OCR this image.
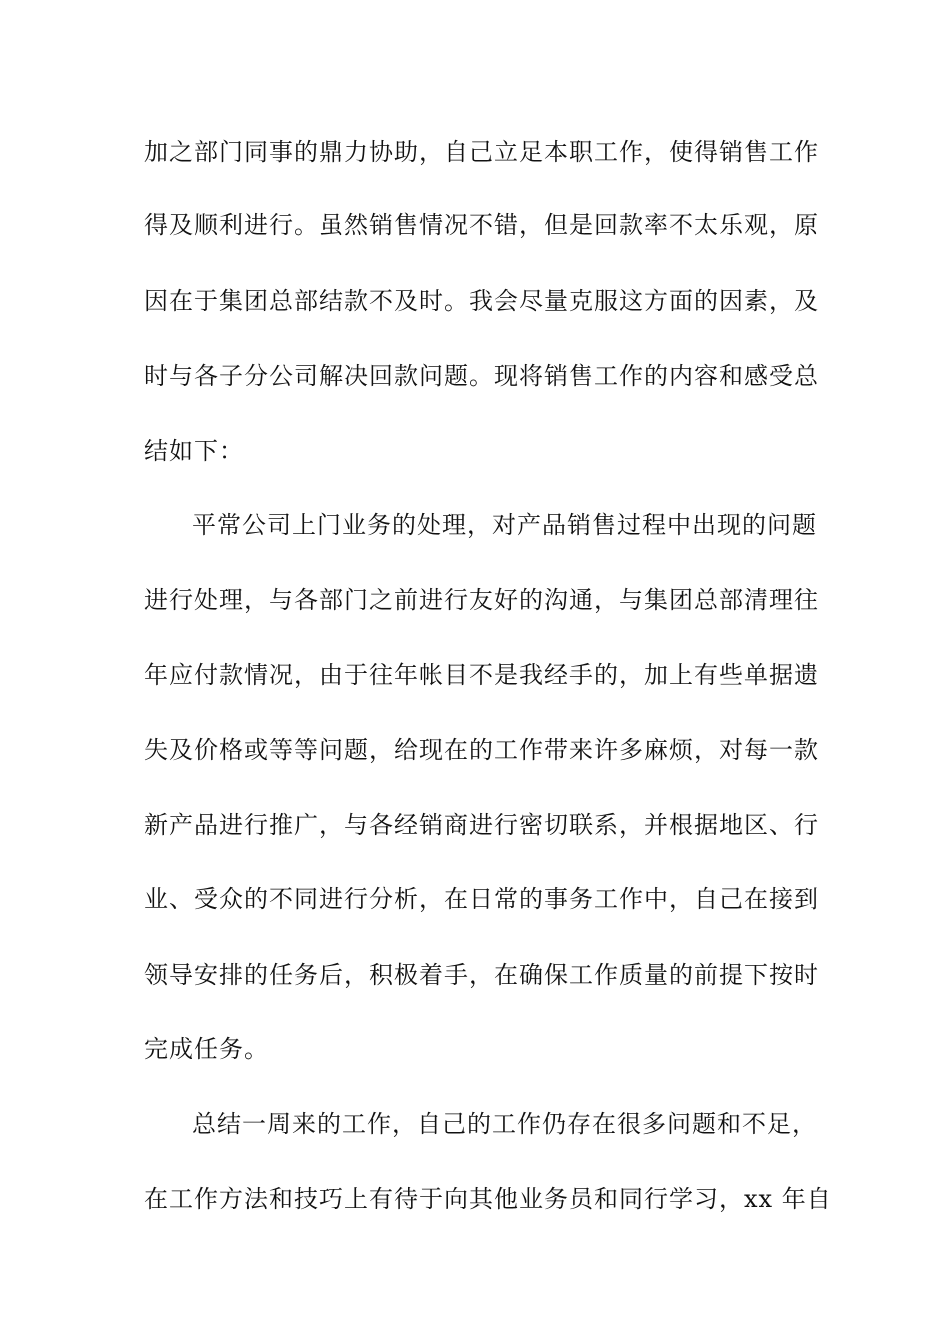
加之部门同事的鼎力协助，自己立足本职工作，使得销售工作
得及顺利进行。虽然销售情况不错，但是回款率不太乐观，原
因在于集团总部结款不及时。我会尽量克服这方面的因素，及
时与各子分公司解决回款问题。现将销售工作的内容和感受总
结如下：
平常公司上门业务的处理，对产品销售过程中出现的问题
进行处理，与各部门之前进行友好的沟通，与集团总部清理往
年应付款情况，由于往年帐目不是我经手的，加上有些单据遗
失及价格或等等问题，给现在的工作带来许多麻烦，对每一款
新产品进行推广，与各经销商进行密切联系，并根据地区、行
业、受众的不同进行分析，在日常的事务工作中，自己在接到
领导安排的任务后，积极着手，在确保工作质量的前提下按时
完成任务。
总结一周来的工作，自己的工作仍存在很多问题和不足，
在工作方法和技巧上有待于向其他业务员和同行学习，xx 年自
